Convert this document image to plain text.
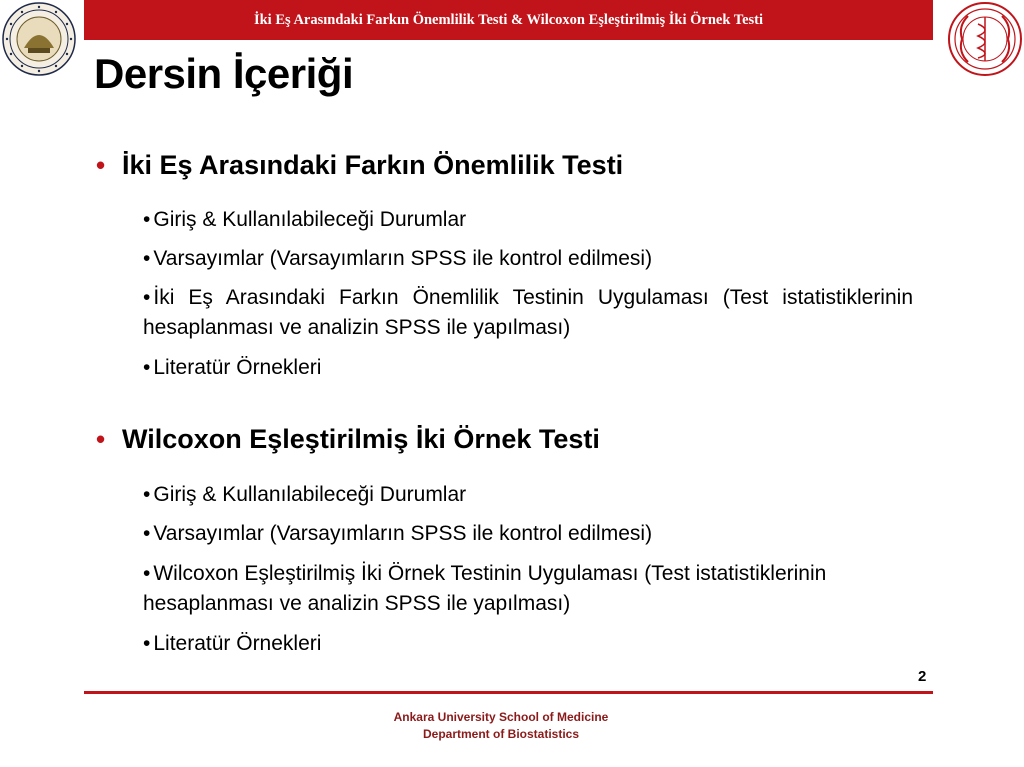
İki Eş Arasındaki Farkın Önemlilik Testi & Wilcoxon Eşleştirilmiş İki Örnek Testi
Dersin İçeriği
• İki Eş Arasındaki Farkın Önemlilik Testi
• Giriş & Kullanılabileceği Durumlar
• Varsayımlar (Varsayımların SPSS ile kontrol edilmesi)
• İki Eş Arasındaki Farkın Önemlilik Testinin Uygulaması (Test istatistiklerinin hesaplanması ve analizin SPSS ile yapılması)
• Literatür Örnekleri
• Wilcoxon Eşleştirilmiş İki Örnek Testi
• Giriş & Kullanılabileceği Durumlar
• Varsayımlar (Varsayımların SPSS ile kontrol edilmesi)
• Wilcoxon Eşleştirilmiş İki Örnek Testinin Uygulaması (Test istatistiklerinin hesaplanması ve analizin SPSS ile yapılması)
• Literatür Örnekleri
2
Ankara University School of Medicine
Department of Biostatistics
